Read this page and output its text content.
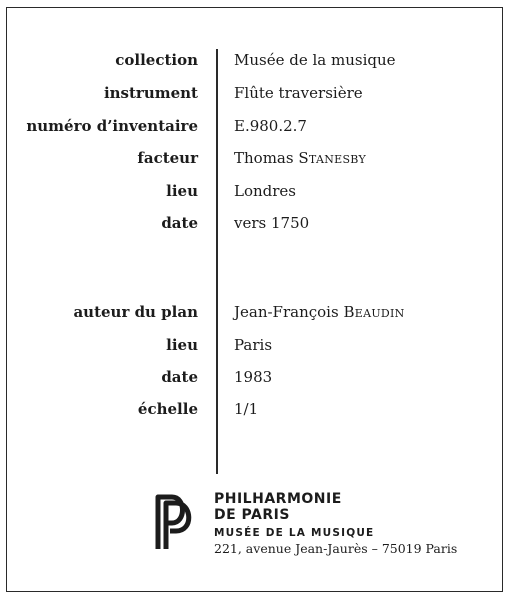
collection Musée de la musique
instrument Flûte traversière
numéro d’inventaire E.980.2.7
facteur Thomas Stanesby
lieu Londres
date vers 1750
auteur du plan Jean-François Beaudin
lieu Paris
date 1983
échelle 1/1
PHILHARMONIE
DE PARIS
MUSÉE DE LA MUSIQUE
221, avenue Jean-Jaurès – 75019 Paris
